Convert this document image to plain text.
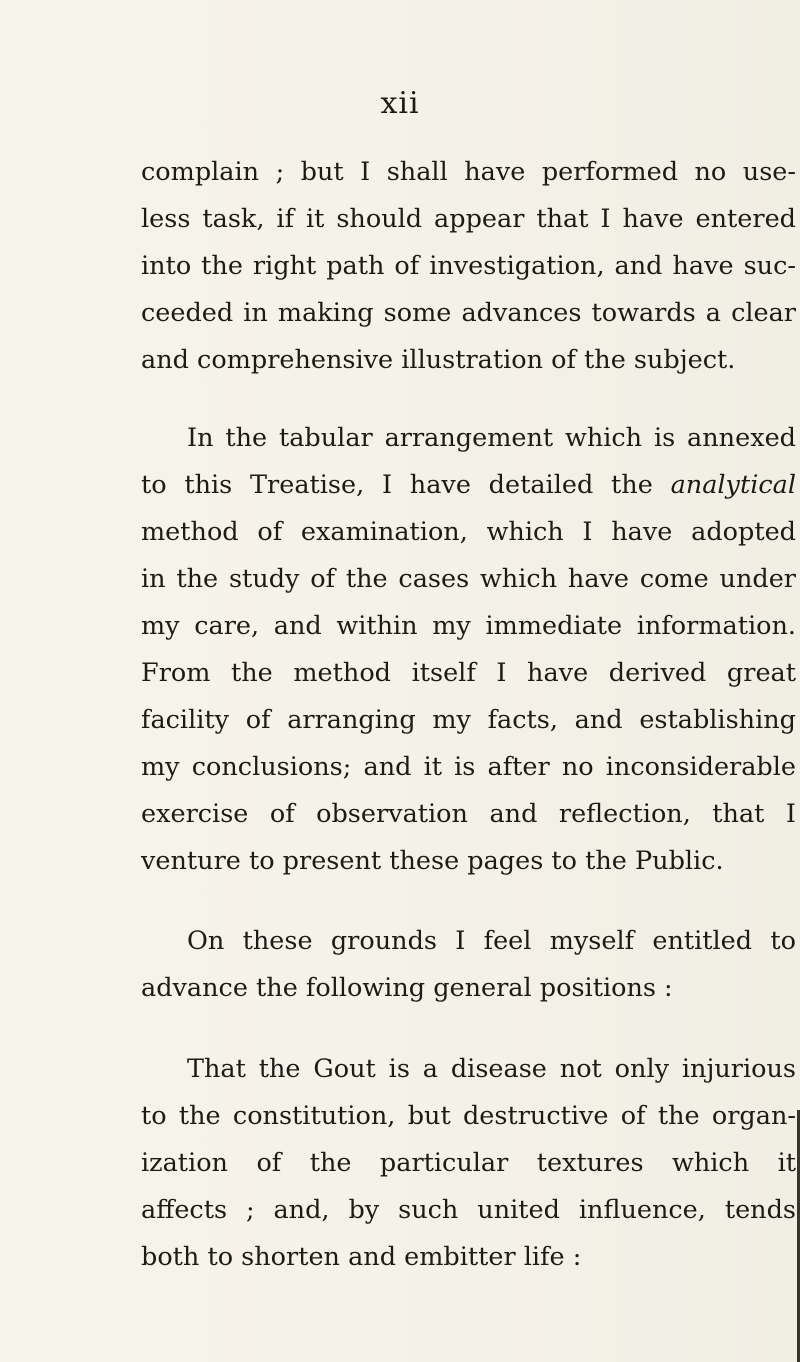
xii
complain ; but I shall have performed no use-
less task, if it should appear that I have entered
into the right path of investigation, and have suc-
ceeded in making some advances towards a clear
and comprehensive illustration of the subject.
In the tabular arrangement which is annexed
to this Treatise, I have detailed the analytical
method of examination, which I have adopted
in the study of the cases which have come under
my care, and within my immediate information.
From the method itself I have derived great
facility of arranging my facts, and establishing
my conclusions; and it is after no inconsiderable
exercise of observation and reflection, that I
venture to present these pages to the Public.
On these grounds I feel myself entitled to
advance the following general positions :
That the Gout is a disease not only injurious
to the constitution, but destructive of the organ-
ization of the particular textures which it
affects ; and, by such united influence, tends
both to shorten and embitter life :
